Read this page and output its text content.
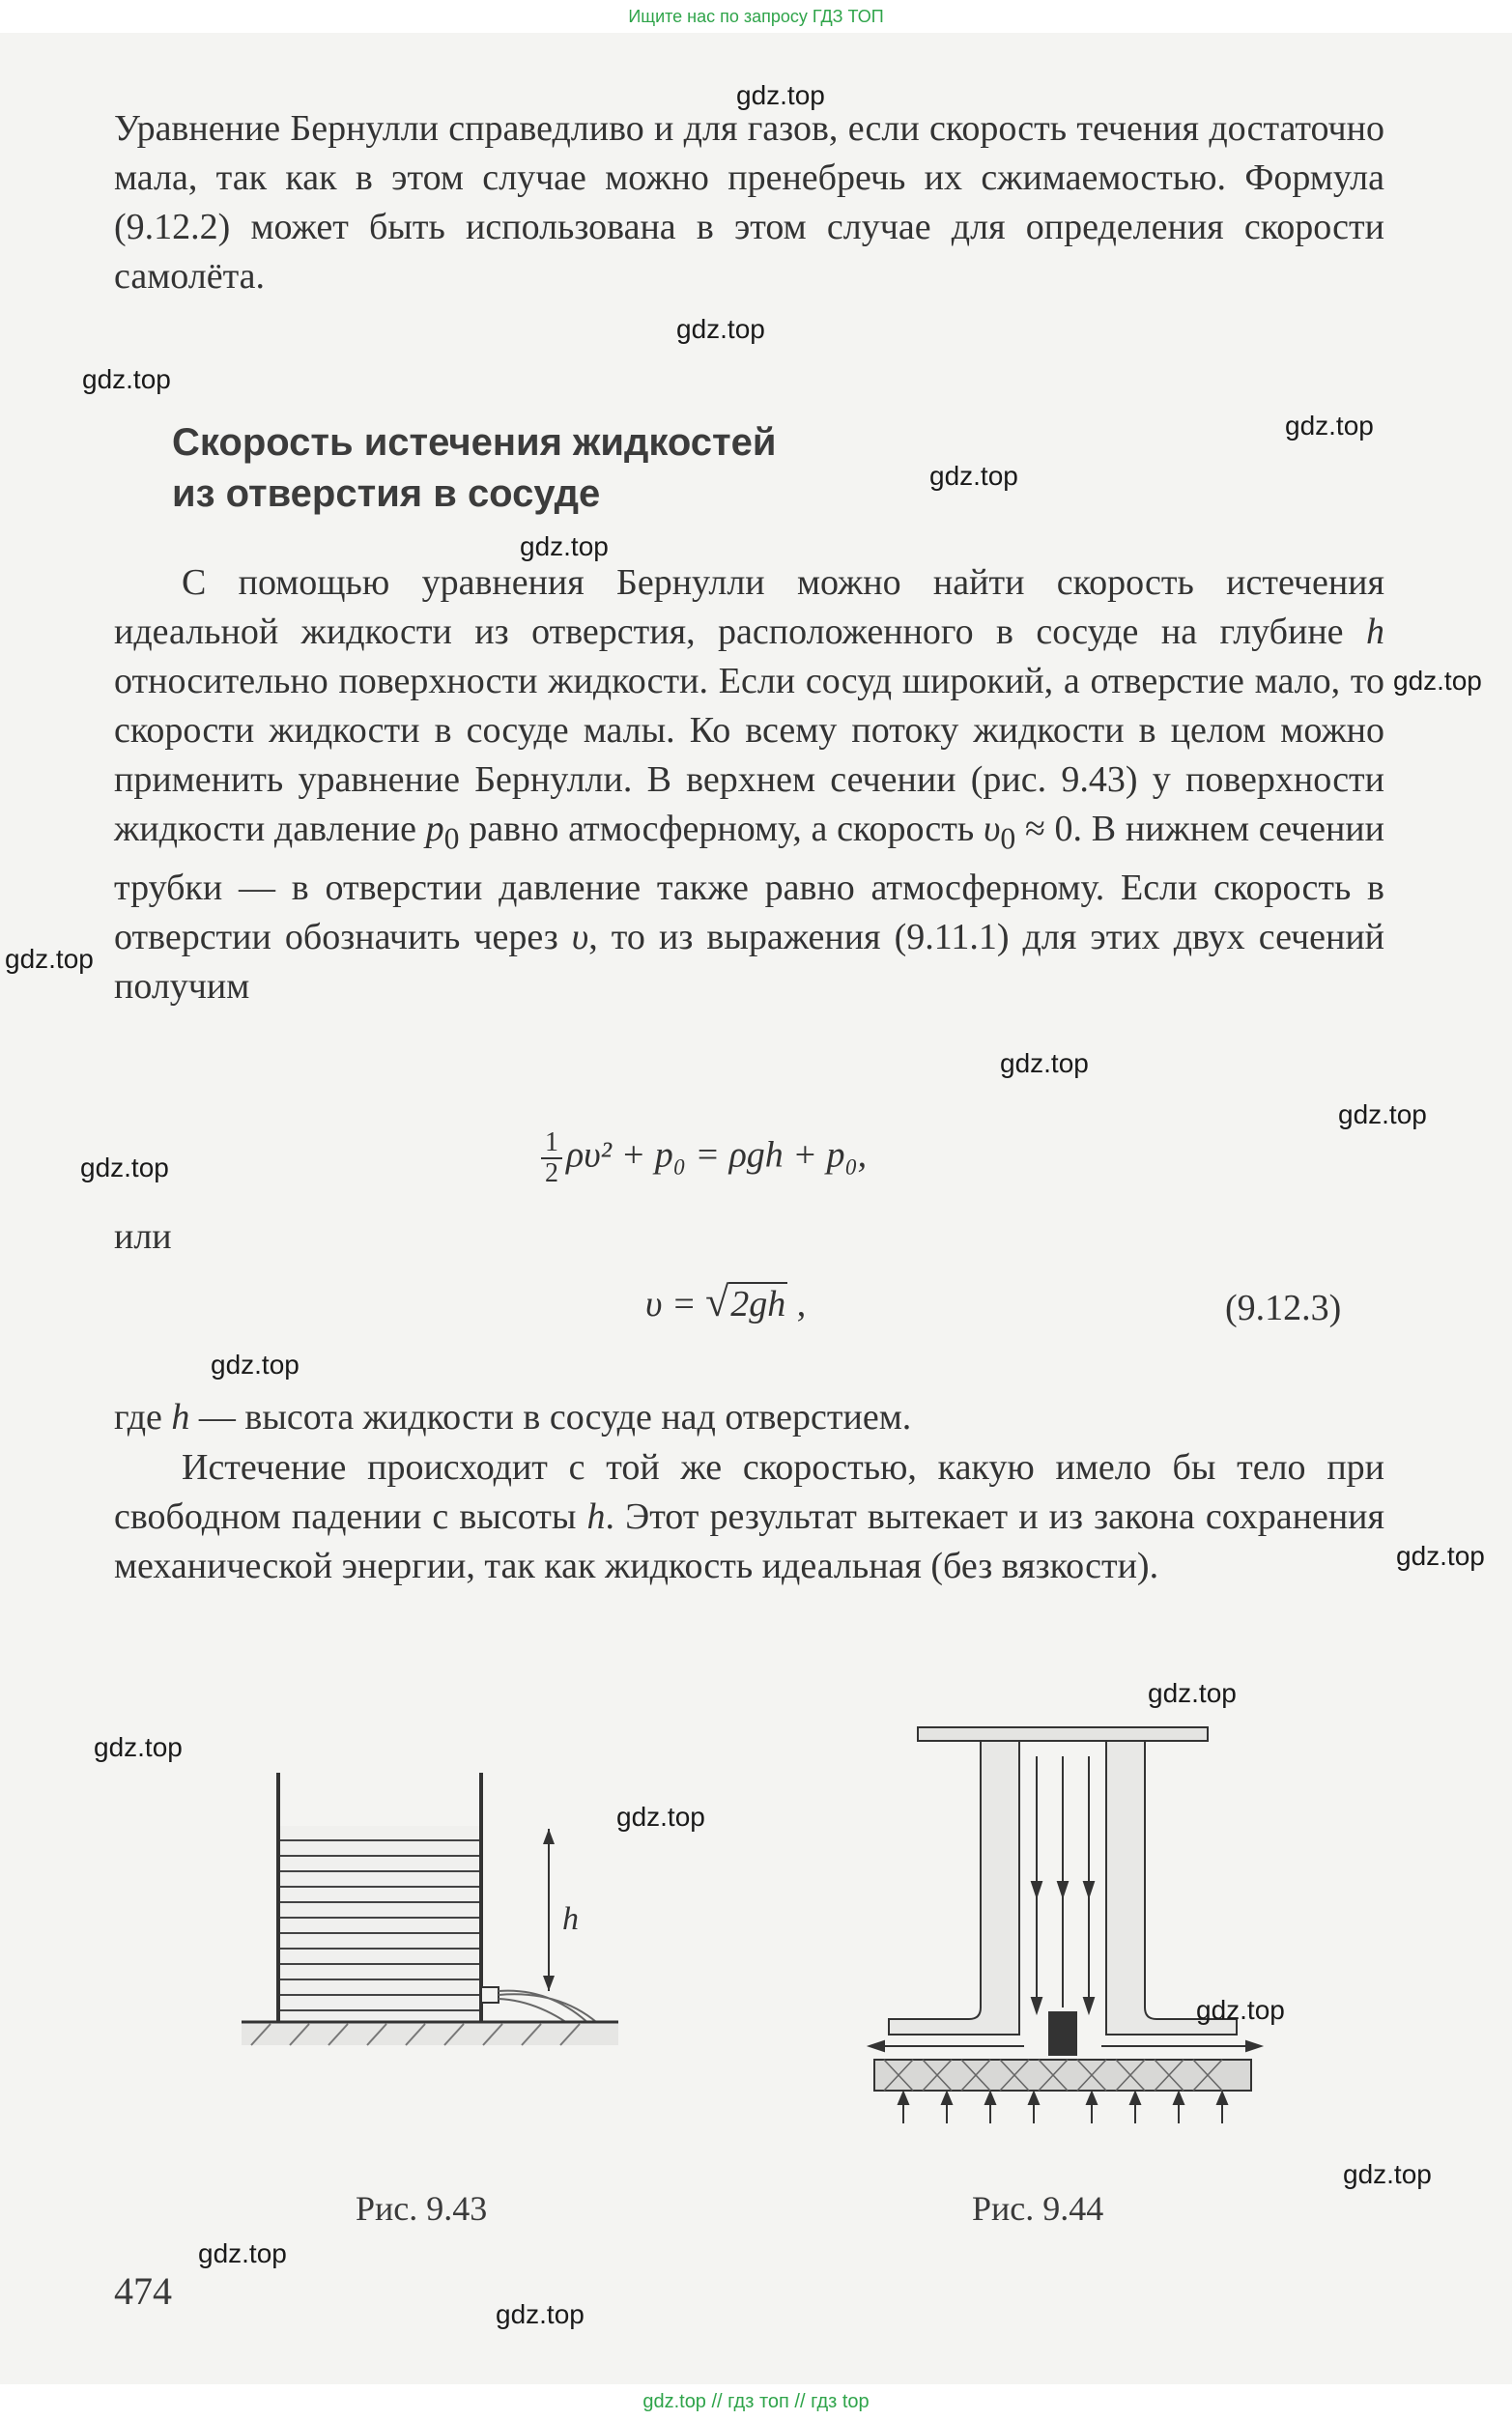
Ищите нас по запросу ГДЗ ТОП
Уравнение Бернулли справедливо и для газов, если скорость течения достаточно мала, так как в этом случае можно пренебречь их сжимаемостью. Формула (9.12.2) может быть использована в этом случае для определения скорости самолёта.
Скорость истечения жидкостей
из отверстия в сосуде
С помощью уравнения Бернулли можно найти скорость истечения идеальной жидкости из отверстия, расположенного в сосуде на глубине h относительно поверхности жидкости. Если сосуд широкий, а отверстие мало, то скорости жидкости в сосуде малы. Ко всему потоку жидкости в целом можно применить уравнение Бернулли. В верхнем сечении (рис. 9.43) у поверхности жидкости давление $p_0$ равно атмосферному, а скорость $\upsilon_0 \approx 0$. В нижнем сечении трубки — в отверстии давление также равно атмосферному. Если скорость в отверстии обозначить через υ, то из выражения (9.11.1) для этих двух сечений получим
$\frac{1}{2} \rho\upsilon^2 + p_0 = \rho gh + p_0$,
или
υ = √2gh ,	(9.12.3)
где h — высота жидкости в сосуде над отверстием.
Истечение происходит с той же скоростью, какую имело бы тело при свободном падении с высоты h. Этот результат вытекает и из закона сохранения механической энергии, так как жидкость идеальная (без вязкости).
h
Рис. 9.43	Рис. 9.44
474
gdz.top
gdz.top
gdz.top
gdz.top
gdz.top
gdz.top
gdz.top
gdz.top
gdz.top
gdz.top
gdz.top
gdz.top
gdz.top
gdz.top
gdz.top
gdz.top
gdz.top
gdz.top
gdz.top
gdz.top
gdz.top // гдз топ // гдз top
